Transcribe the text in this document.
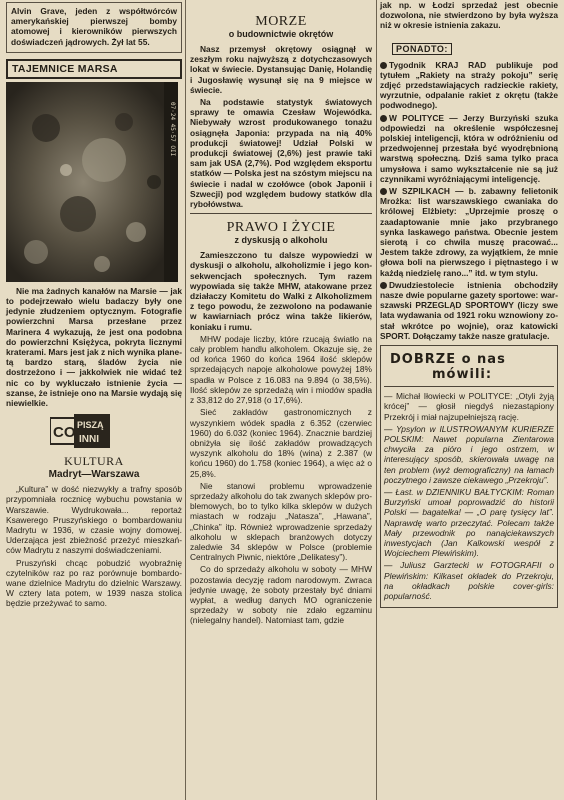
Alvin Grave, jeden z współtwórców amerykańskiej pierwszej bomby atomowej i kierowników pierwszych doświadczeń jądrowych. Żył lat 55.

TAJEMNICE MARSA
07·24 45·57 OII

Nie ma żadnych kanałów na Marsie — jak to podejrzewało wielu badaczy były one jedynie złudzeniem optycznym. Fotografie powierzchni Marsa przesłane przez Marinera 4 wykazują, że jest ona podobna do powierzchni Księżyca, pokryta licznymi kraterami. Mars jest jak z nich wynika planetą bardzo starą, śladów życia nie dostrzeżono i — jakkolwiek nie widać też nic co by wykluczało istnienie życia — szanse, że istnieje ono na Marsie wydają się niewielkie.

CO PISZĄ
INNI
KULTURA
Madryt—Warszawa

„Kultura” w dość niezwykły a trafny sposób przypomniała rocznicę wybuchu powstania w Warszawie. Wydrukowała... reportaż Ksawerego Pruszyńskiego o bombardowaniu Madrytu w 1936, w czasie wojny domowej. Uderzająca jest zbieżność przeżyć mieszkańców Madrytu z naszymi doświadczeniami.

Pruszyński chcąc pobudzić wyobraźnię czytelników raz po raz porównuje bombardowane dzielnice Madrytu do dzielnic Warszawy. W cztery lata potem, w 1939 nasza stolica będzie przeżywać to samo.

MORZE
o budownictwie okrętów

Nasz przemysł okrętowy osiągnął w zeszłym roku najwyższą z dotychczasowych lokat w świecie. Dystansując Danię, Holandię i Jugosławię wysunął się na 9 miejsce w świecie.

Na podstawie statystyk światowych sprawy te omawia Czesław Wojewódka. Niebywały wzrost produkowanego tonażu osiągnęła Japonia: przypada na nią 40% produkcji światowej! Udział Polski w produkcji światowej (2,6%) jest prawie taki sam jak USA (2,7%). Pod względem eksportu statków — Polska jest na szóstym miejscu na świecie i nadal w czołówce (obok Japonii i Szwecji) pod względem budowy statków dla rybołówstwa.

PRAWO I ŻYCIE
z dyskusją o alkoholu

Zamieszczono tu dalsze wypowiedzi w dyskusji o alkoholu, alkoholizmie i jego konsekwencjach społecznych. Tym razem wypowiada się także MHW, atakowane przez działaczy Komitetu do Walki z Alkoholizmem z tego powodu, że zezwolono na podawanie w kawiarniach prócz wina także likierów, koniaku i rumu.

MHW podaje liczby, które rzucają światło na cały problem handlu alkoholem. Okazuje się, że od końca 1960 do końca 1964 ilość sklepów sprzedających napoje alkoholowe powyżej 18% spadła w Polsce z 16.083 na 9.894 (o 38,5%). Ilość sklepów ze sprzedażą win i miodów spadła z 33,812 do 27,918 (o 17,6%).

Sieć zakładów gastronomicznych z wyszynkiem wódek spadła z 6.352 (czerwiec 1960) do 6.032 (koniec 1964). Znacznie bardziej obniżyła się ilość zakładów prowadzących wyszynk alkoholu do 18% (wina) z 2.387 (w końcu 1960) do 1.758 (koniec 1964), a więc aż o 25,8%.

Nie stanowi problemu wprowadzenie sprzedaży alkoholu do tak zwanych sklepów problemowych, bo to tylko kilka sklepów w dużych miastach w rodzaju „Natasza”, „Hawana”, „Chinka” itp. Również wprowadzenie sprzedaży alkoholu w sklepach branżowych dotyczy zaledwie 34 sklepów w Polsce (problemie Centralnych Piwnic, niektóre „Delikatesy”).

Co do sprzedaży alkoholu w soboty — MHW pozostawia decyzję radom narodowym. Zwraca jedynie uwagę, że soboty przestały być dniami wypłat, a według danych MO ograniczenie sprzedaży w soboty nie zdało egzaminu (nielegalny handel). Natomiast tam, gdzie

jak np. w Łodzi sprzedaż jest obecnie dozwolona, nie stwierdzono by była wyższa niż w okresie istnienia zakazu.

PONADTO:

Tygodnik KRAJ RAD publikuje pod tytułem „Rakiety na straży pokoju” serię zdjęć przedstawiających radzieckie rakiety, wyrzutnie, odpalanie rakiet z okrętu (także podwodnego).

W POLITYCE — Jerzy Burzyński szuka odpowiedzi na określenie współczesnej polskiej inteligencji, która w odróżnieniu od przedwojennej przestała być wyodrębnioną warstwą społeczną. Dziś sama tylko praca umysłowa i samo wykształcenie nie są już czynnikami wyróżniającymi inteligencję.

W SZPILKACH — b. zabawny felietonik Mrożka: list warszawskiego cwaniaka do królowej Elżbiety: „Uprzejmie proszę o zaadaptowanie mnie jako przybranego synka laskawego państwa. Obecnie jestem sierotą i co chwila muszę pracować... Jestem także zdrowy, za wyjątkiem, że mnie głowa boli na pierwszego i piętnastego i w każdą niedzielę rano...” itd. w tym stylu.

Dwudziestolecie istnienia obchodziły nasze dwie popularne gazety sportowe: warszawski PRZEGLĄD SPORTOWY (liczy swe lata wydawania od 1921 roku wznowiony został wkrótce po wojnie), oraz katowicki SPORT. Dołączamy także nasze gratulacje.

DOBRZE o nas
mówili:

— Michał Iłowiecki w POLITYCE: „Otyli żyją krócej” — głosił niegdyś niezastąpiony Przekrój i miał najzupełniejszą rację.

— Ypsylon w ILUSTROWANYM KURIERZE POLSKIM: Nawet popularna Zientarowa chwyciła za pióro i jego ostrzem, w interesujący sposób, skierowała uwagę na ten problem (wyż demograficzny) na łamach poczytnego i zawsze ciekawego „Przekroju”.

— Łast. w DZIENNIKU BAŁTYCKIM: Roman Burzyński umoał poprowadzić do historii Polski — bagatelka! — „O parę tysięcy lat”. Naprawdę warto przeczytać. Polecam także Mały przewodnik po nanajciekawszych inwestycjach (Jan Kalkowski wespół z Wojciechem Plewińskim).

— Juliusz Garztecki w FOTOGRAFII o Plewińskim: Kilkaset okładek do Przekroju, na okładkach polskie cover-girls: popularność.
